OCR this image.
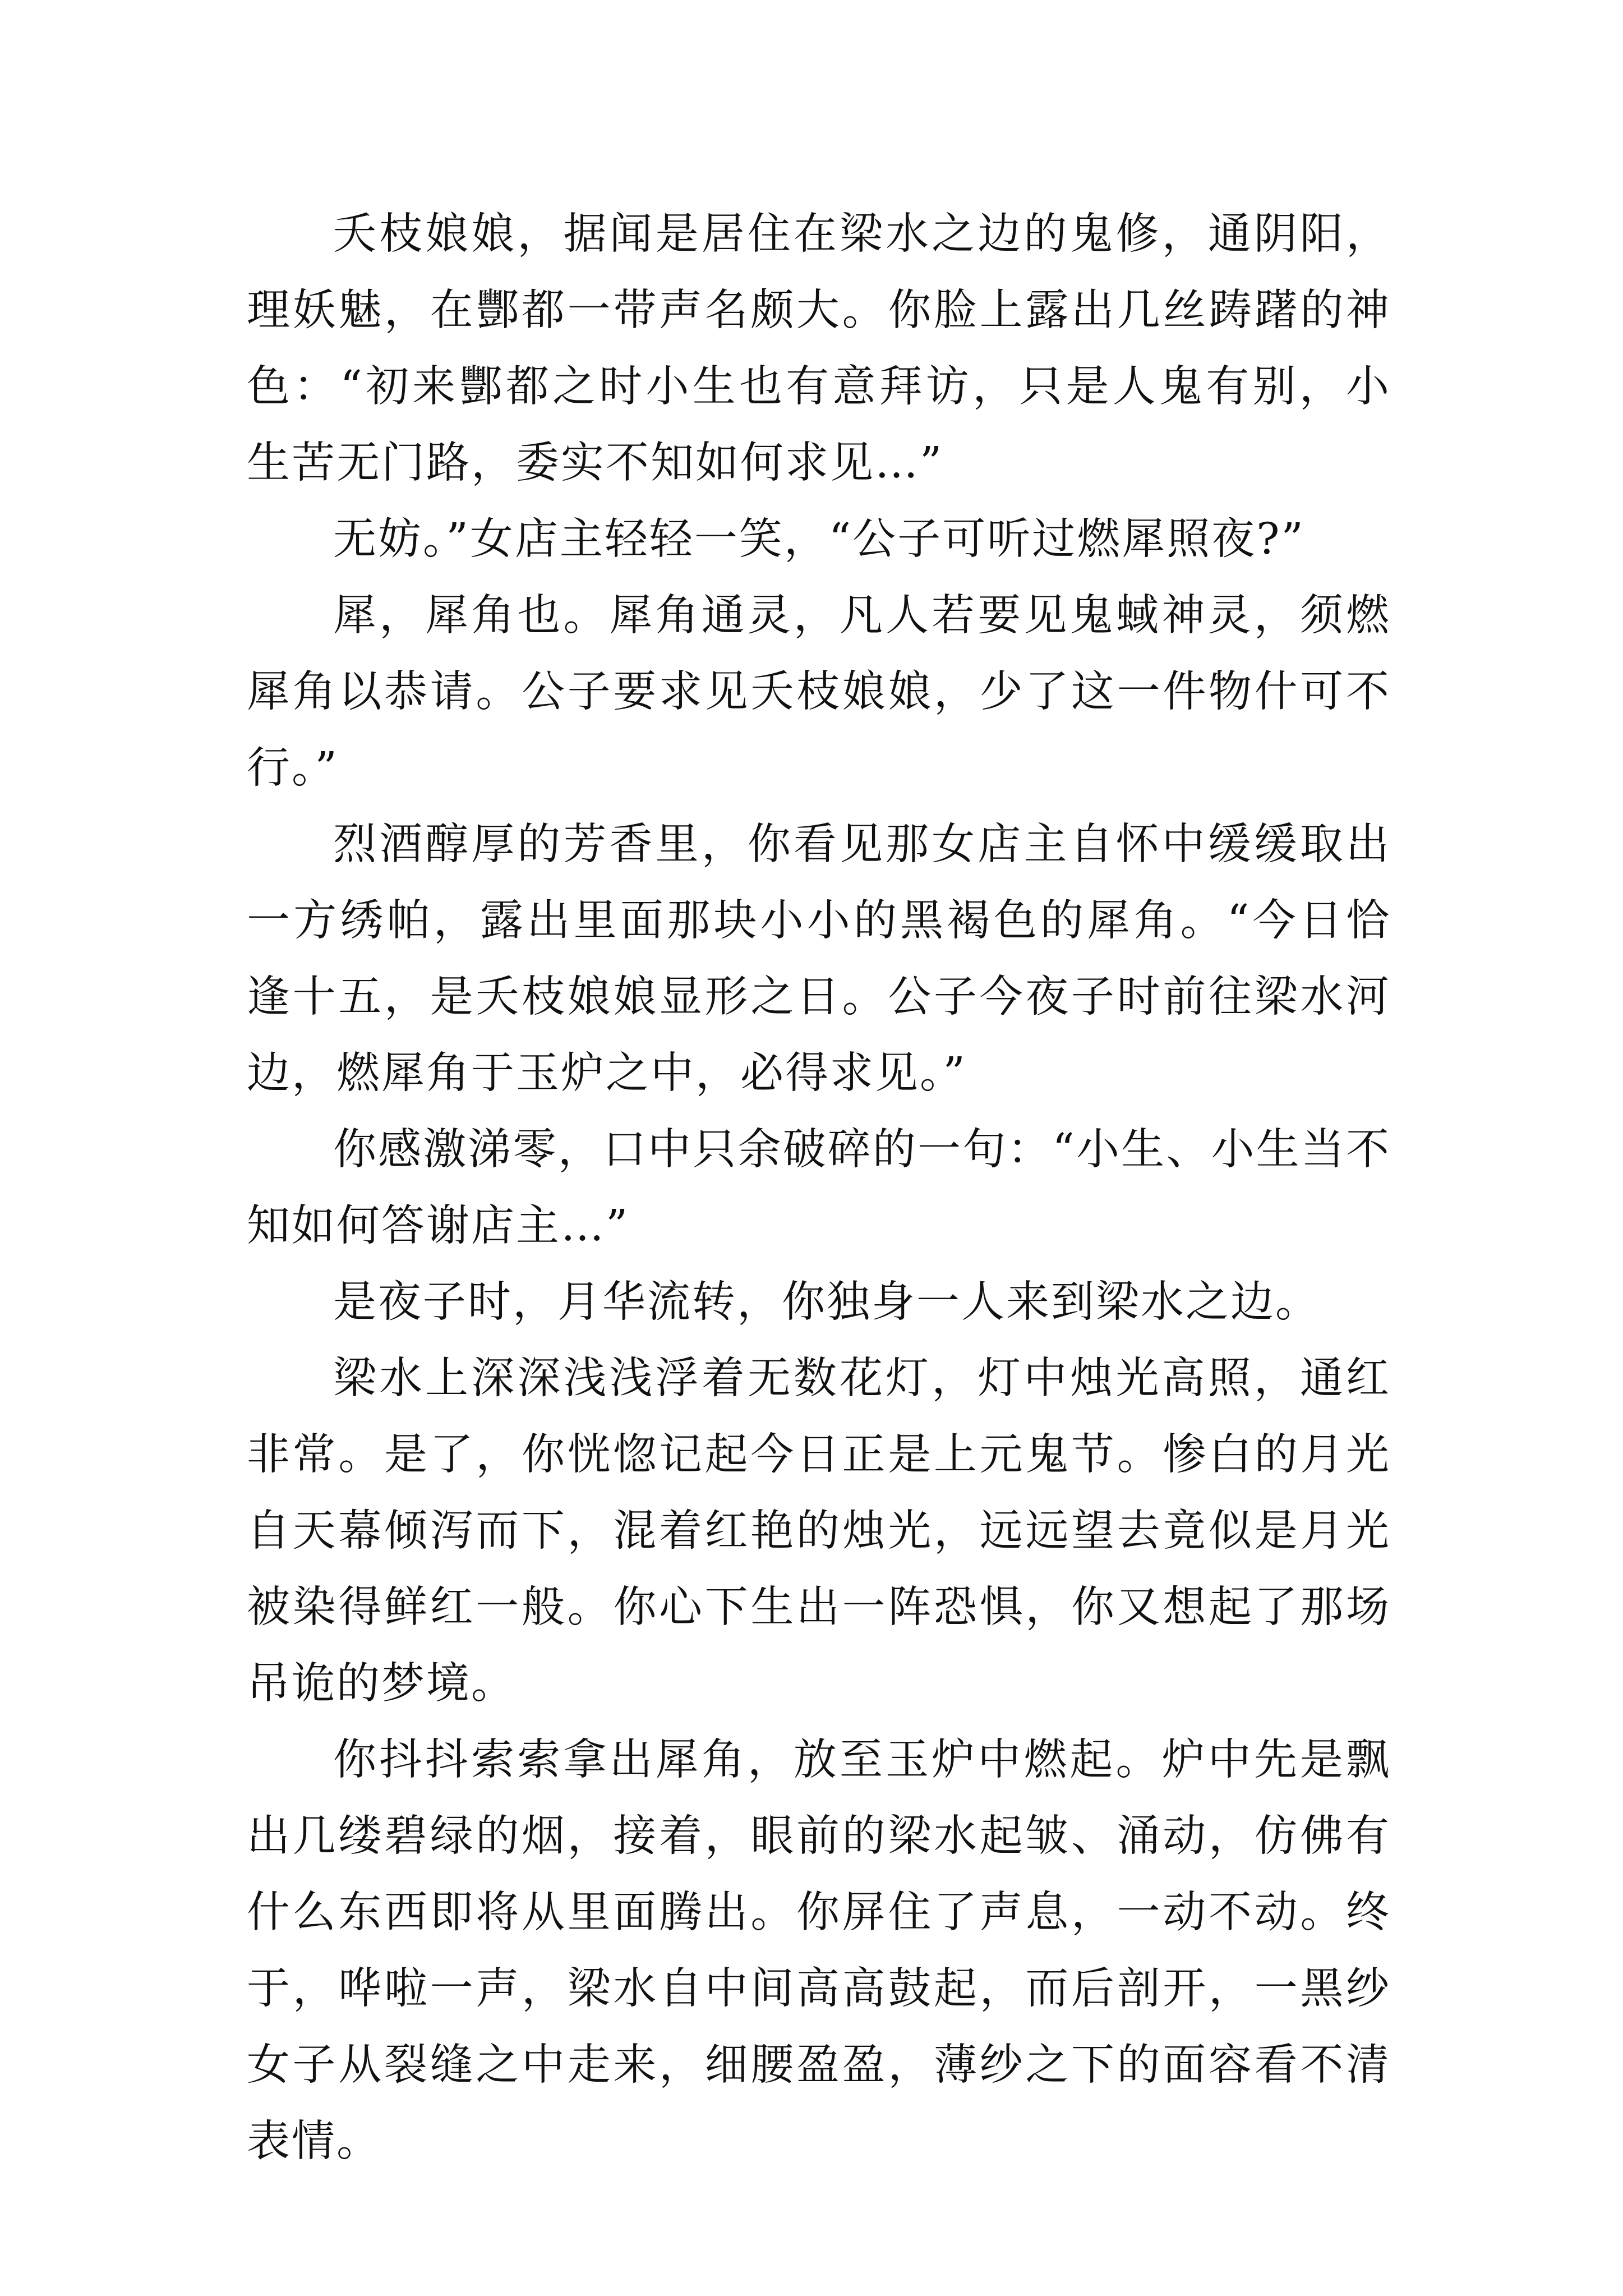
夭枝娘娘，据闻是居住在梁水之边的鬼修，通阴阳，理妖魅，在酆都一带声名颇大。你脸上露出几丝踌躇的神色：“初来酆都之时小生也有意拜访，只是人鬼有别，小生苦无门路，委实不知如何求见…”

无妨。”女店主轻轻一笑，“公子可听过燃犀照夜?”

犀，犀角也。犀角通灵，凡人若要见鬼蜮神灵，须燃犀角以恭请。公子要求见夭枝娘娘，少了这一件物什可不行。”

烈酒醇厚的芳香里，你看见那女店主自怀中缓缓取出一方绣帕，露出里面那块小小的黑褐色的犀角。“今日恰逢十五，是夭枝娘娘显形之日。公子今夜子时前往梁水河边，燃犀角于玉炉之中，必得求见。”

你感激涕零，口中只余破碎的一句：“小生、小生当不知如何答谢店主…”

是夜子时，月华流转，你独身一人来到梁水之边。

梁水上深深浅浅浮着无数花灯，灯中烛光高照，通红非常。是了，你恍惚记起今日正是上元鬼节。惨白的月光自天幕倾泻而下，混着红艳的烛光，远远望去竟似是月光被染得鲜红一般。你心下生出一阵恐惧，你又想起了那场吊诡的梦境。

你抖抖索索拿出犀角，放至玉炉中燃起。炉中先是飘出几缕碧绿的烟，接着，眼前的梁水起皱、涌动，仿佛有什么东西即将从里面腾出。你屏住了声息，一动不动。终于，哗啦一声，梁水自中间高高鼓起，而后剖开，一黑纱女子从裂缝之中走来，细腰盈盈，薄纱之下的面容看不清表情。
